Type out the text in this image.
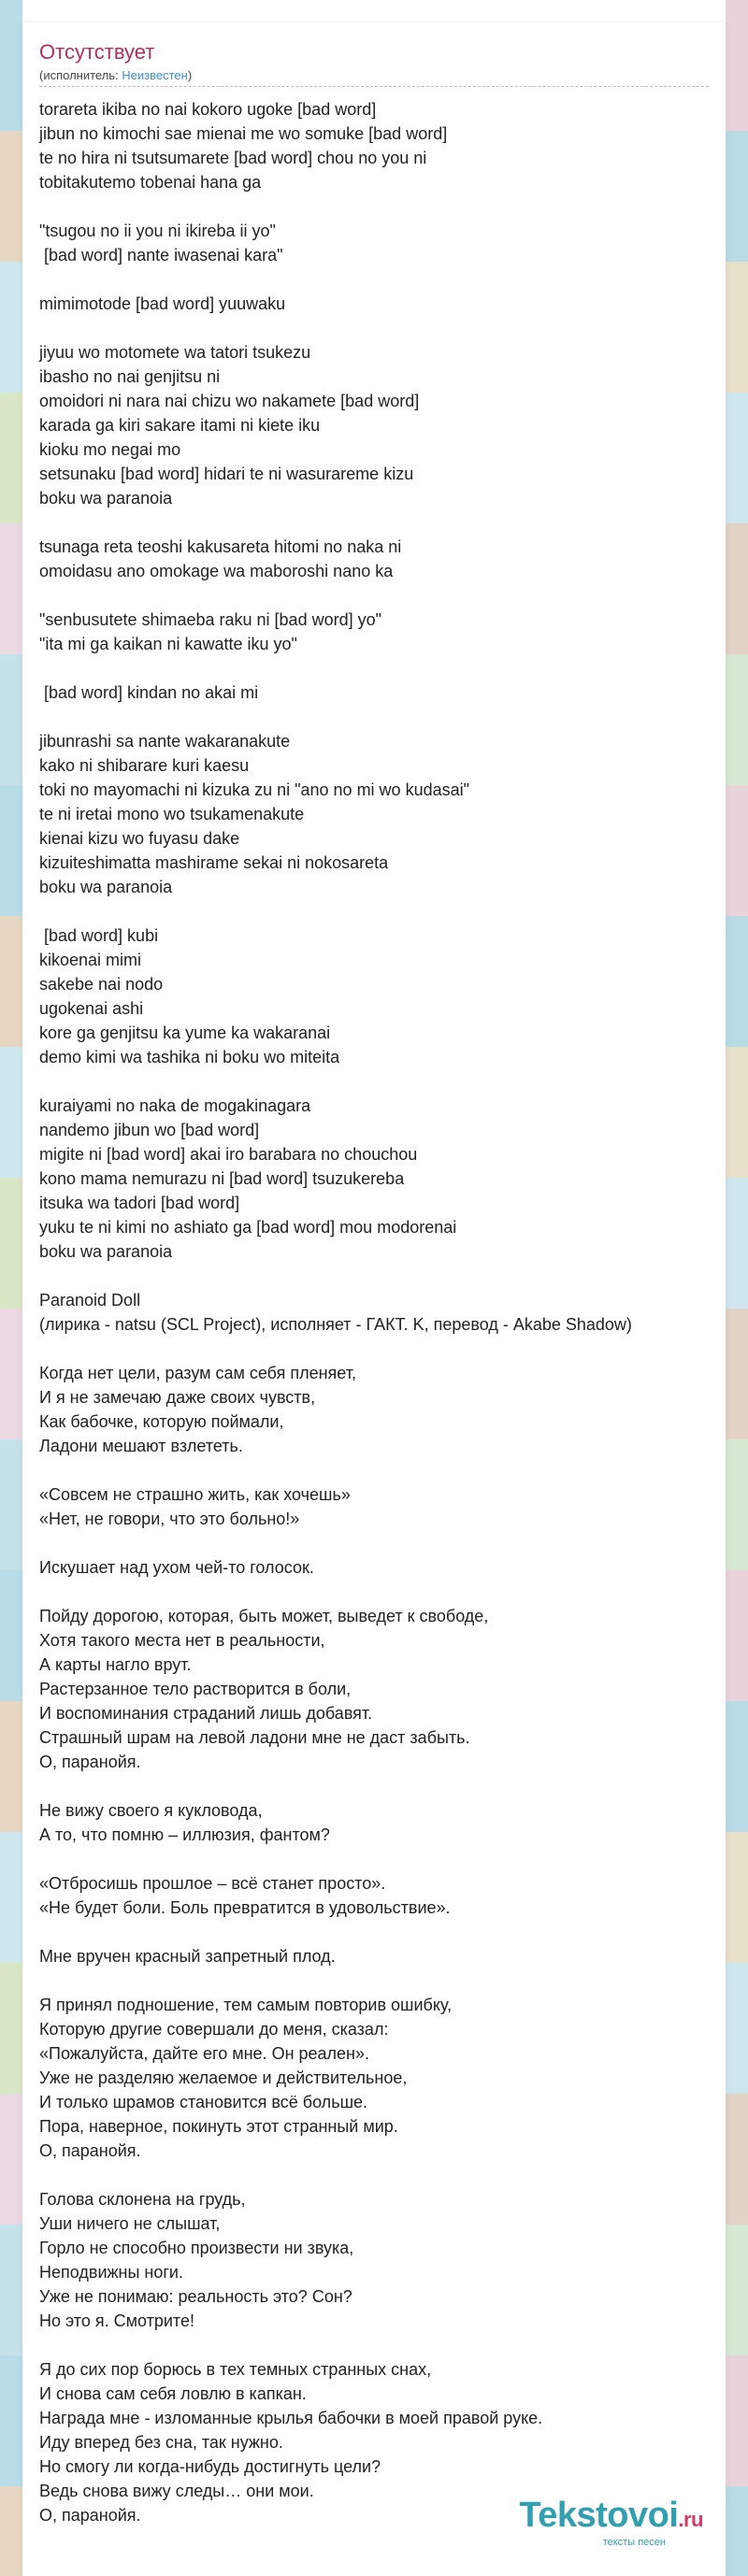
Отсутствует
(исполнитель: Неизвестен)
torareta ikiba no nai kokoro ugoke [bad word]
jibun no kimochi sae mienai me wo somuke [bad word]
te no hira ni tsutsumarete [bad word] chou no you ni
tobitakutemo tobenai hana ga
"tsugou no ii you ni ikireba ii yo"
[bad word] nante iwasenai kara"
mimimotode [bad word] yuuwaku
jiyuu wo motomete wa tatori tsukezu
ibasho no nai genjitsu ni
omoidori ni nara nai chizu wo nakamete [bad word]
karada ga kiri sakare itami ni kiete iku
kioku mo negai mo
setsunaku [bad word] hidari te ni wasurareme kizu
boku wa paranoia
tsunaga reta teoshi kakusareta hitomi no naka ni
omoidasu ano omokage wa maboroshi nano ka
"senbusutete shimaeba raku ni [bad word] yo"
"ita mi ga kaikan ni kawatte iku yo"
[bad word] kindan no akai mi
jibunrashi sa nante wakaranakute
kako ni shibarare kuri kaesu
toki no mayomachi ni kizuka zu ni "ano no mi wo kudasai"
te ni iretai mono wo tsukamenakute
kienai kizu wo fuyasu dake
kizuiteshimatta mashirame sekai ni nokosareta
boku wa paranoia
[bad word] kubi
kikoenai mimi
sakebe nai nodo
ugokenai ashi
kore ga genjitsu ka yume ka wakaranai
demo kimi wa tashika ni boku wo miteita
kuraiyami no naka de mogakinagara
nandemo jibun wo [bad word]
migite ni [bad word] akai iro barabara no chouchou
kono mama nemurazu ni [bad word] tsuzukereba
itsuka wa tadori [bad word]
yuku te ni kimi no ashiato ga [bad word] mou modorenai
boku wa paranoia
Paranoid Doll
(лирика - natsu (SCL Project), исполняет - ГАКТ. K, перевод - Akabe Shadow)
Когда нет цели, разум сам себя пленяет,
И я не замечаю даже своих чувств,
Как бабочке, которую поймали,
Ладони мешают взлететь.
«Совсем не страшно жить, как хочешь»
«Нет, не говори, что это больно!»
Искушает над ухом чей-то голосок.
Пойду дорогою, которая, быть может, выведет к свободе,
Хотя такого места нет в реальности,
А карты нагло врут.
Растерзанное тело растворится в боли,
И воспоминания страданий лишь добавят.
Страшный шрам на левой ладони мне не даст забыть.
О, паранойя.
Не вижу своего я кукловода,
А то, что помню – иллюзия, фантом?
«Отбросишь прошлое – всё станет просто».
«Не будет боли. Боль превратится в удовольствие».
Мне вручен красный запретный плод.
Я принял подношение, тем самым повторив ошибку,
Которую другие совершали до меня, сказал:
«Пожалуйста, дайте его мне. Он реален».
Уже не разделяю желаемое и действительное,
И только шрамов становится всё больше.
Пора, наверное, покинуть этот странный мир.
О, паранойя.
Голова склонена на грудь,
Уши ничего не слышат,
Горло не способно произвести ни звука,
Неподвижны ноги.
Уже не понимаю: реальность это? Сон?
Но это я. Смотрите!
Я до сих пор борюсь в тех темных странных снах,
И снова сам себя ловлю в капкан.
Награда мне - изломанные крылья бабочки в моей правой руке.
Иду вперед без сна, так нужно.
Но смогу ли когда-нибудь достигнуть цели?
Ведь снова вижу следы… они мои.
О, паранойя.	Tekstovoi.ru
тексты песен
